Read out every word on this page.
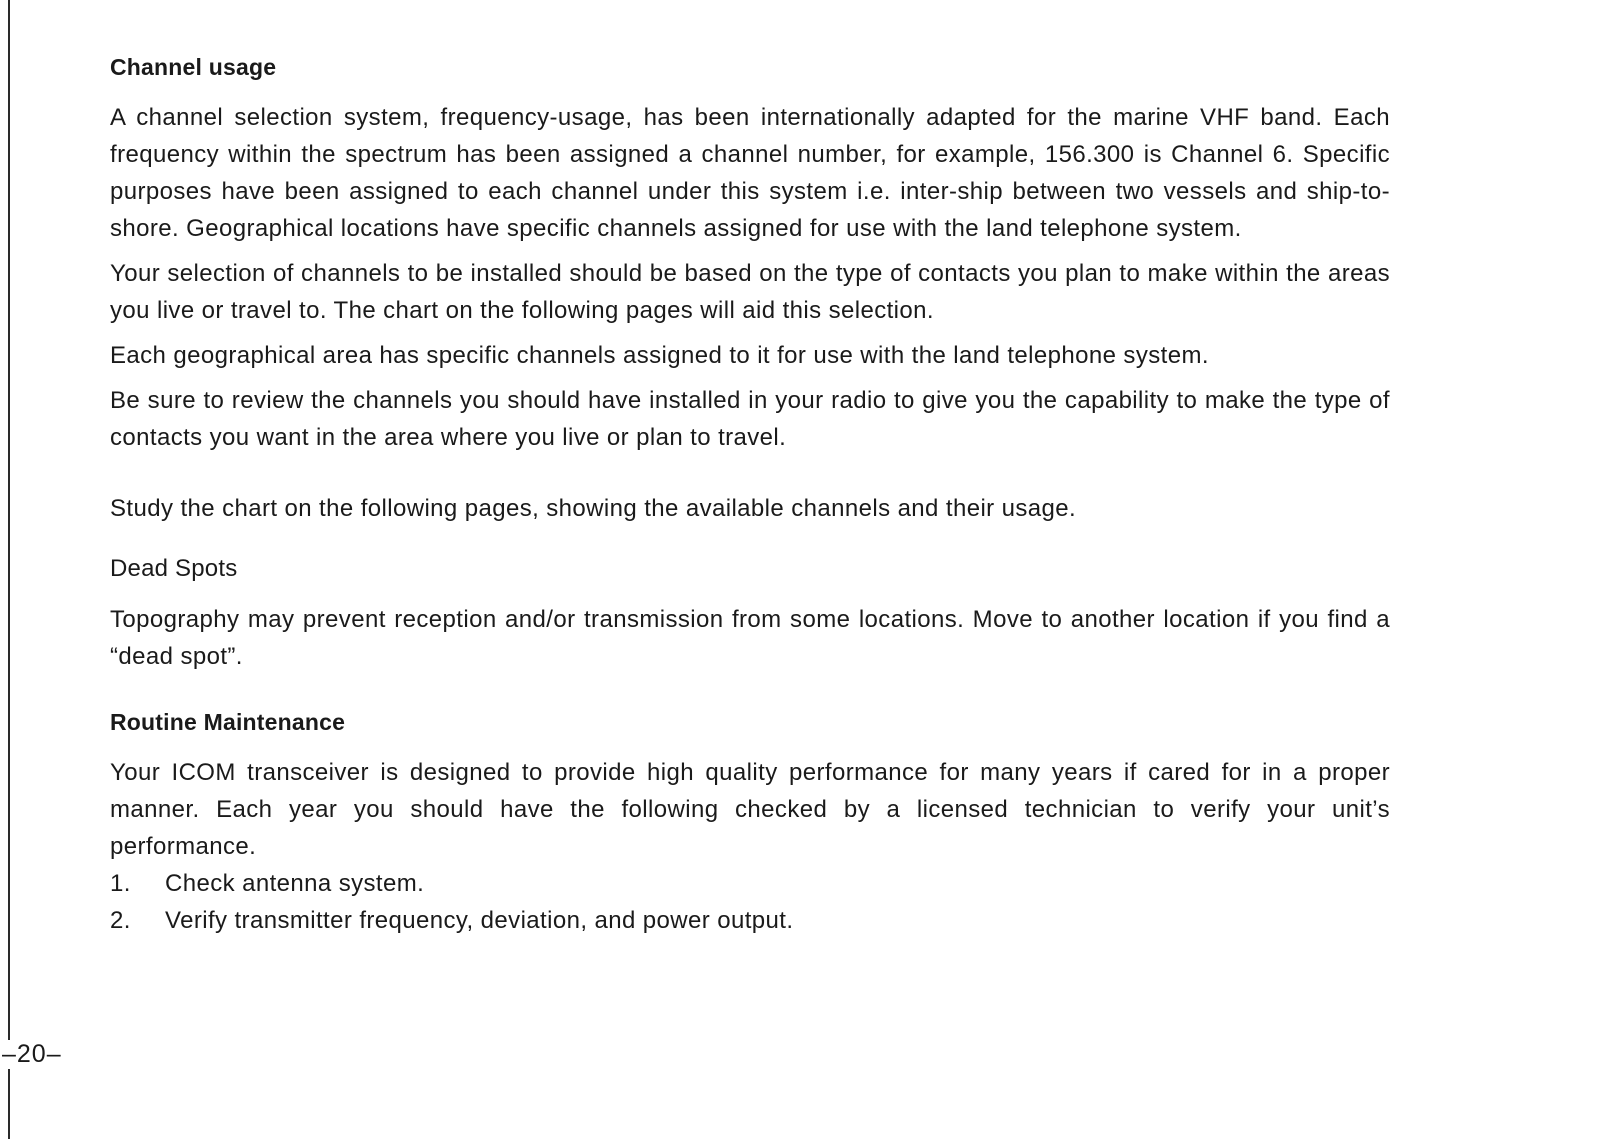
Channel usage

A channel selection system, frequency-usage, has been internationally adapted for the marine VHF band. Each frequency within the spectrum has been assigned a channel number, for example, 156.300 is Channel 6. Specific purposes have been assigned to each channel under this system i.e. inter-ship between two vessels and ship-to-shore. Geographical locations have specific channels assigned for use with the land telephone system.

Your selection of channels to be installed should be based on the type of contacts you plan to make within the areas you live or travel to. The chart on the following pages will aid this selection.

Each geographical area has specific channels assigned to it for use with the land telephone system.

Be sure to review the channels you should have installed in your radio to give you the capability to make the type of contacts you want in the area where you live or plan to travel.

Study the chart on the following pages, showing the available channels and their usage.

Dead Spots

Topography may prevent reception and/or transmission from some locations. Move to another location if you find a “dead spot”.

Routine Maintenance

Your ICOM transceiver is designed to provide high quality performance for many years if cared for in a proper manner. Each year you should have the following checked by a licensed technician to verify your unit’s performance.

1.	Check antenna system.
2.	Verify transmitter frequency, deviation, and power output.
–20–
